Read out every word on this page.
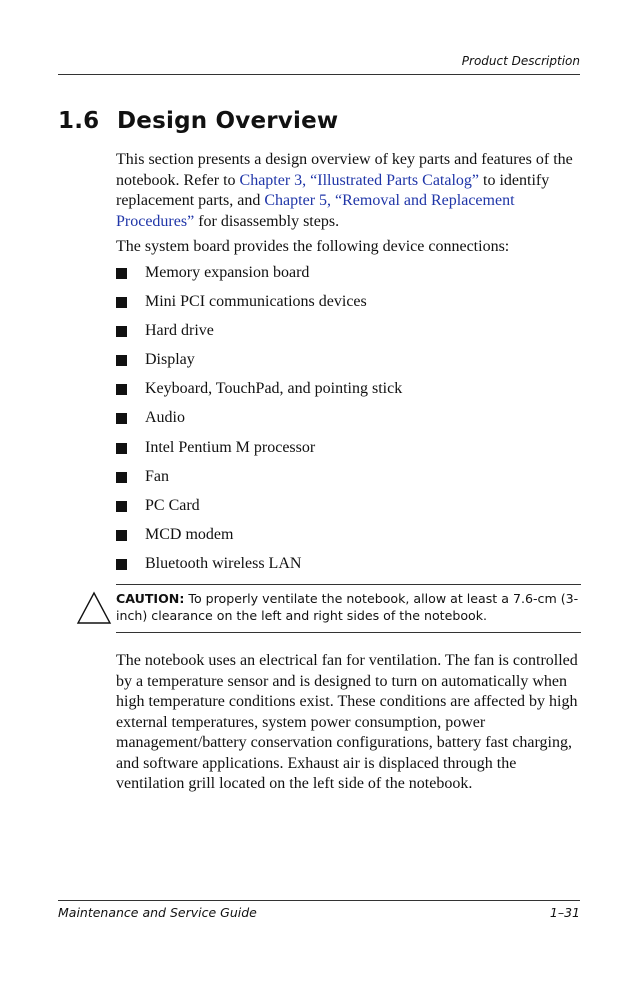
Product Description
1.6 Design Overview

This section presents a design overview of key parts and features of the notebook. Refer to Chapter 3, “Illustrated Parts Catalog” to identify replacement parts, and Chapter 5, “Removal and Replacement Procedures” for disassembly steps.

The system board provides the following device connections:

Memory expansion board
Mini PCI communications devices
Hard drive
Display
Keyboard, TouchPad, and pointing stick
Audio
Intel Pentium M processor
Fan
PC Card
MCD modem
Bluetooth wireless LAN
CAUTION: To properly ventilate the notebook, allow at least a 7.6-cm (3-inch) clearance on the left and right sides of the notebook.

The notebook uses an electrical fan for ventilation. The fan is controlled by a temperature sensor and is designed to turn on automatically when high temperature conditions exist. These conditions are affected by high external temperatures, system power consumption, power management/battery conservation configurations, battery fast charging, and software applications. Exhaust air is displaced through the ventilation grill located on the left side of the notebook.

Maintenance and Service Guide	1–31
